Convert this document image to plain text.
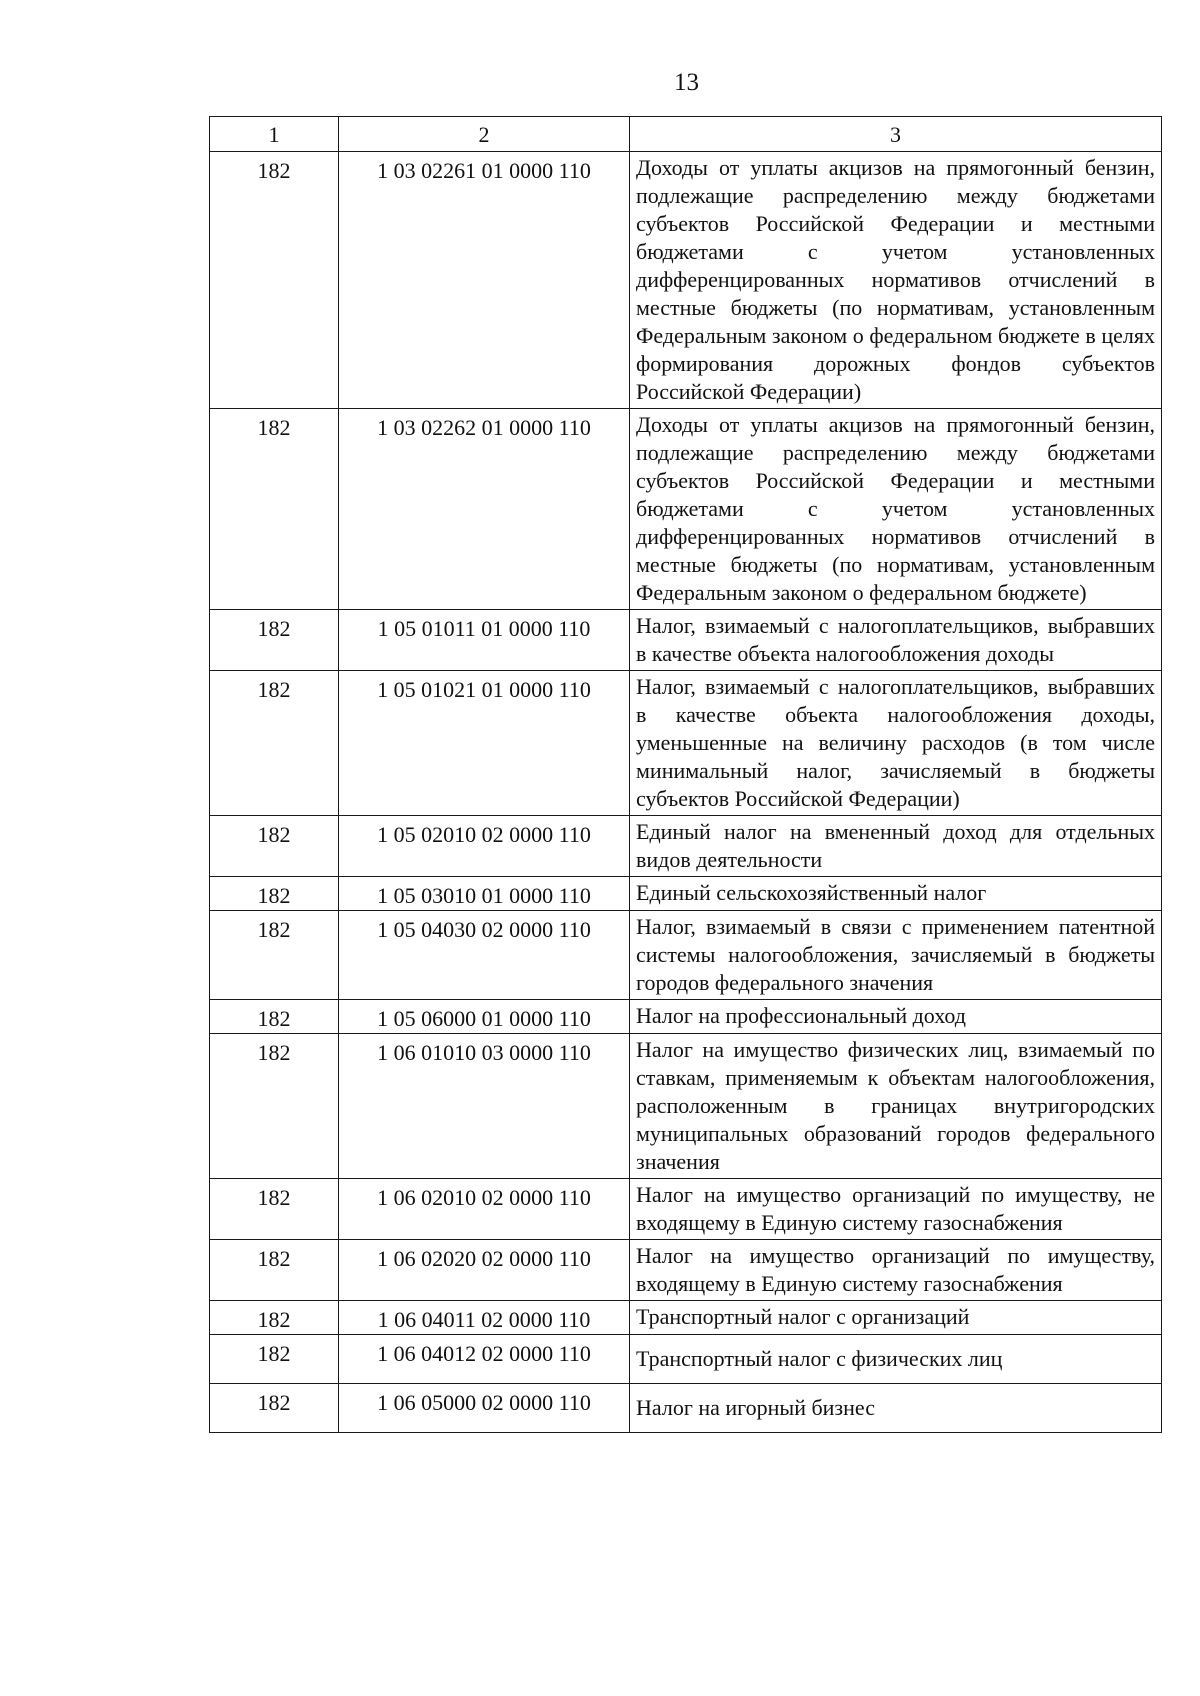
13
1	2	3
182	1 03 02261 01 0000 110	Доходы от уплаты акцизов на прямогонный бензин, подлежащие распределению между бюджетами субъектов Российской Федерации и местными бюджетами с учетом установленных дифференцированных нормативов отчислений в местные бюджеты (по нормативам, установленным Федеральным законом о федеральном бюджете в целях формирования дорожных фондов субъектов Российской Федерации)
182	1 03 02262 01 0000 110	Доходы от уплаты акцизов на прямогонный бензин, подлежащие распределению между бюджетами субъектов Российской Федерации и местными бюджетами с учетом установленных дифференцированных нормативов отчислений в местные бюджеты (по нормативам, установленным Федеральным законом о федеральном бюджете)
182	1 05 01011 01 0000 110	Налог, взимаемый с налогоплательщиков, выбравших в качестве объекта налогообложения доходы
182	1 05 01021 01 0000 110	Налог, взимаемый с налогоплательщиков, выбравших в качестве объекта налогообложения доходы, уменьшенные на величину расходов (в том числе минимальный налог, зачисляемый в бюджеты субъектов Российской Федерации)
182	1 05 02010 02 0000 110	Единый налог на вмененный доход для отдельных видов деятельности
182	1 05 03010 01 0000 110	Единый сельскохозяйственный налог
182	1 05 04030 02 0000 110	Налог, взимаемый в связи с применением патентной системы налогообложения, зачисляемый в бюджеты городов федерального значения
182	1 05 06000 01 0000 110	Налог на профессиональный доход
182	1 06 01010 03 0000 110	Налог на имущество физических лиц, взимаемый по ставкам, применяемым к объектам налогообложения, расположенным в границах внутригородских муниципальных образований городов федерального значения
182	1 06 02010 02 0000 110	Налог на имущество организаций по имуществу, не входящему в Единую систему газоснабжения
182	1 06 02020 02 0000 110	Налог на имущество организаций по имуществу, входящему в Единую систему газоснабжения
182	1 06 04011 02 0000 110	Транспортный налог с организаций
182	1 06 04012 02 0000 110	Транспортный налог с физических лиц
182	1 06 05000 02 0000 110	Налог на игорный бизнес
